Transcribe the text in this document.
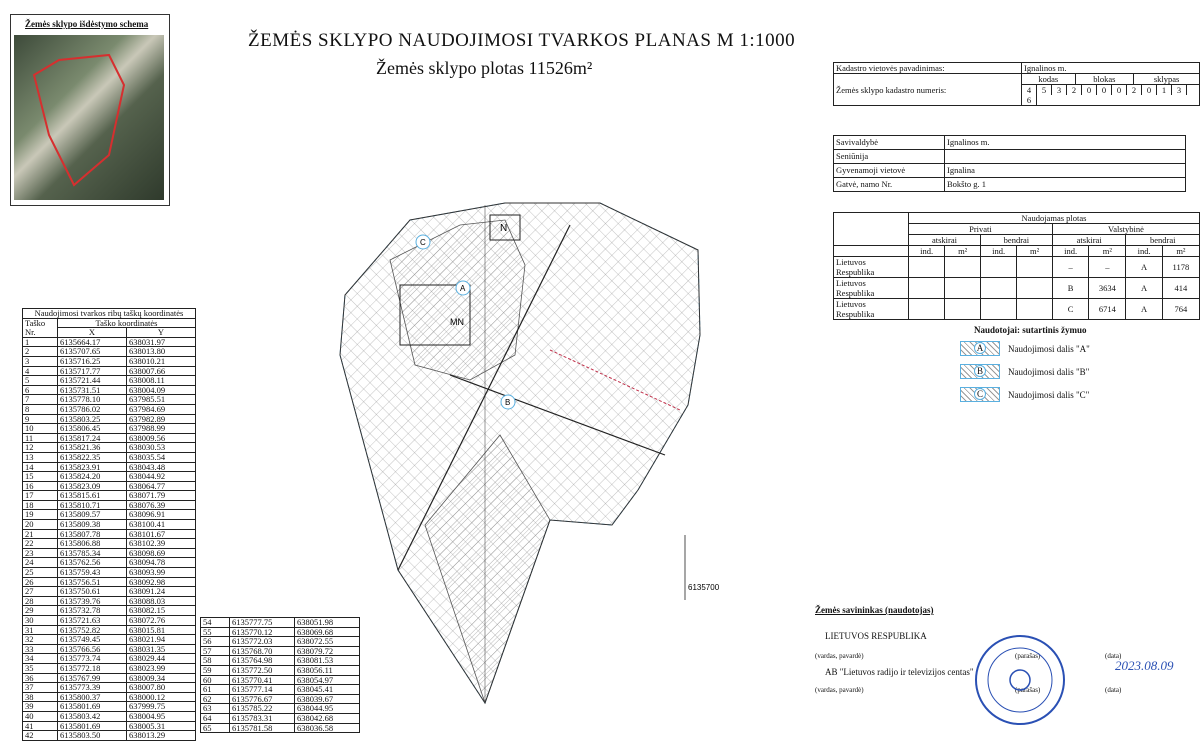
ŽEMĖS SKLYPO NAUDOJIMOSI TVARKOS PLANAS M 1:1000
Žemės sklypo plotas 11526m²
Žemės sklypo išdėstymo schema
Naudojimosi tvarkos ribų taškų koordinatės		
Taško Nr.	Taško koordinatės	
	X	Y
1	6135664.17	638031.97
2	6135707.65	638013.80
3	6135716.25	638010.21
4	6135717.77	638007.66
5	6135721.44	638008.11
6	6135731.51	638004.09
7	6135778.10	637985.51
8	6135786.02	637984.69
9	6135803.25	637982.89
10	6135806.45	637988.99
11	6135817.24	638009.56
12	6135821.36	638030.53
13	6135822.35	638035.54
14	6135823.91	638043.48
15	6135824.20	638044.92
16	6135823.09	638064.77
17	6135815.61	638071.79
18	6135810.71	638076.39
19	6135809.57	638096.91
20	6135809.38	638100.41
21	6135807.78	638101.67
22	6135806.88	638102.39
23	6135785.34	638098.69
24	6135762.56	638094.78
25	6135759.43	638093.99
26	6135756.51	638092.98
27	6135750.61	638091.24
28	6135739.76	638088.03
29	6135732.78	638082.15
30	6135721.63	638072.76
31	6135752.82	638015.81
32	6135749.45	638021.94
33	6135766.56	638031.35
34	6135773.74	638029.44
35	6135772.18	638023.99
36	6135767.99	638009.34
37	6135773.39	638007.80
38	6135800.37	638000.12
39	6135801.69	637999.75
40	6135803.42	638004.95
41	6135801.69	638005.31
42	6135803.50	638013.29
54	6135777.75	638051.98
55	6135770.12	638069.68
56	6135772.03	638072.55
57	6135768.70	638079.72
58	6135764.98	638081.53
59	6135772.50	638056.11
60	6135770.41	638054.97
61	6135777.14	638045.41
62	6135776.67	638039.67
63	6135785.22	638044.95
64	6135783.31	638042.68
65	6135781.58	638036.58
N
MN
C
A
B
6135700
Kadastro vietovės pavadinimas:	Ignalinos m.		
Žemės sklypo kadastro numeris:	kodas	blokas	sklypas
	4 5 3 2 0 0 0 2 0 1 36		
Savivaldybė	Ignalinos m.
Seniūnija	
Gyvenamoji vietovė	Ignalina
Gatvė, namo Nr.	Bokšto g. 1
	Naudojamas plotas							
	Privati				Valstybinė			
	atskirai		bendrai		atskirai		bendrai	
	ind.	m²	ind.	m²	ind.	m²	ind.	m²
Lietuvos Respublika					–	–	A	1178
Lietuvos Respublika					B	3634	A	414
Lietuvos Respublika					C	6714	A	764
Naudotojai: sutartinis žymuo
A	Naudojimosi dalis "A"
B	Naudojimosi dalis "B"
C	Naudojimosi dalis "C"
Žemės savininkas (naudotojas)
LIETUVOS RESPUBLIKA
(vardas, pavardė)	(parašas)	(data)
AB "Lietuvos radijo ir televizijos centas"
(vardas, pavardė)	(parašas)	(data)
2023.08.09
